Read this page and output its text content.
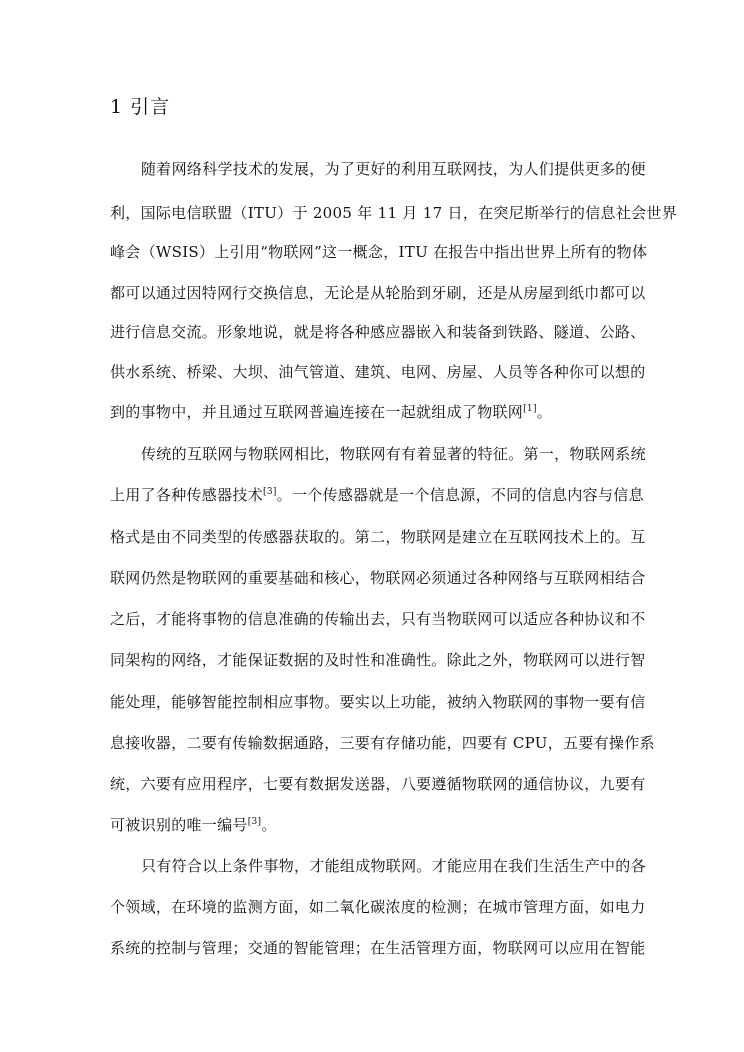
1 引言
随着网络科学技术的发展，为了更好的利用互联网技，为人们提供更多的便
利，国际电信联盟（ITU）于 2005 年 11 月 17 日，在突尼斯举行的信息社会世界
峰会（WSIS）上引用“物联网”这一概念，ITU 在报告中指出世界上所有的物体
都可以通过因特网行交换信息，无论是从轮胎到牙刷，还是从房屋到纸巾都可以
进行信息交流。形象地说，就是将各种感应器嵌入和装备到铁路、隧道、公路、
供水系统、桥梁、大坝、油气管道、建筑、电网、房屋、人员等各种你可以想的
到的事物中，并且通过互联网普遍连接在一起就组成了物联网[1]。
传统的互联网与物联网相比，物联网有有着显著的特征。第一，物联网系统
上用了各种传感器技术[3]。一个传感器就是一个信息源，不同的信息内容与信息
格式是由不同类型的传感器获取的。第二，物联网是建立在互联网技术上的。互
联网仍然是物联网的重要基础和核心，物联网必须通过各种网络与互联网相结合
之后，才能将事物的信息准确的传输出去，只有当物联网可以适应各种协议和不
同架构的网络，才能保证数据的及时性和准确性。除此之外，物联网可以进行智
能处理，能够智能控制相应事物。要实以上功能，被纳入物联网的事物一要有信
息接收器，二要有传输数据通路，三要有存储功能，四要有 CPU，五要有操作系
统，六要有应用程序，七要有数据发送器，八要遵循物联网的通信协议，九要有
可被识别的唯一编号[3]。
只有符合以上条件事物，才能组成物联网。才能应用在我们生活生产中的各
个领域，在环境的监测方面，如二氧化碳浓度的检测；在城市管理方面，如电力
系统的控制与管理；交通的智能管理；在生活管理方面，物联网可以应用在智能
